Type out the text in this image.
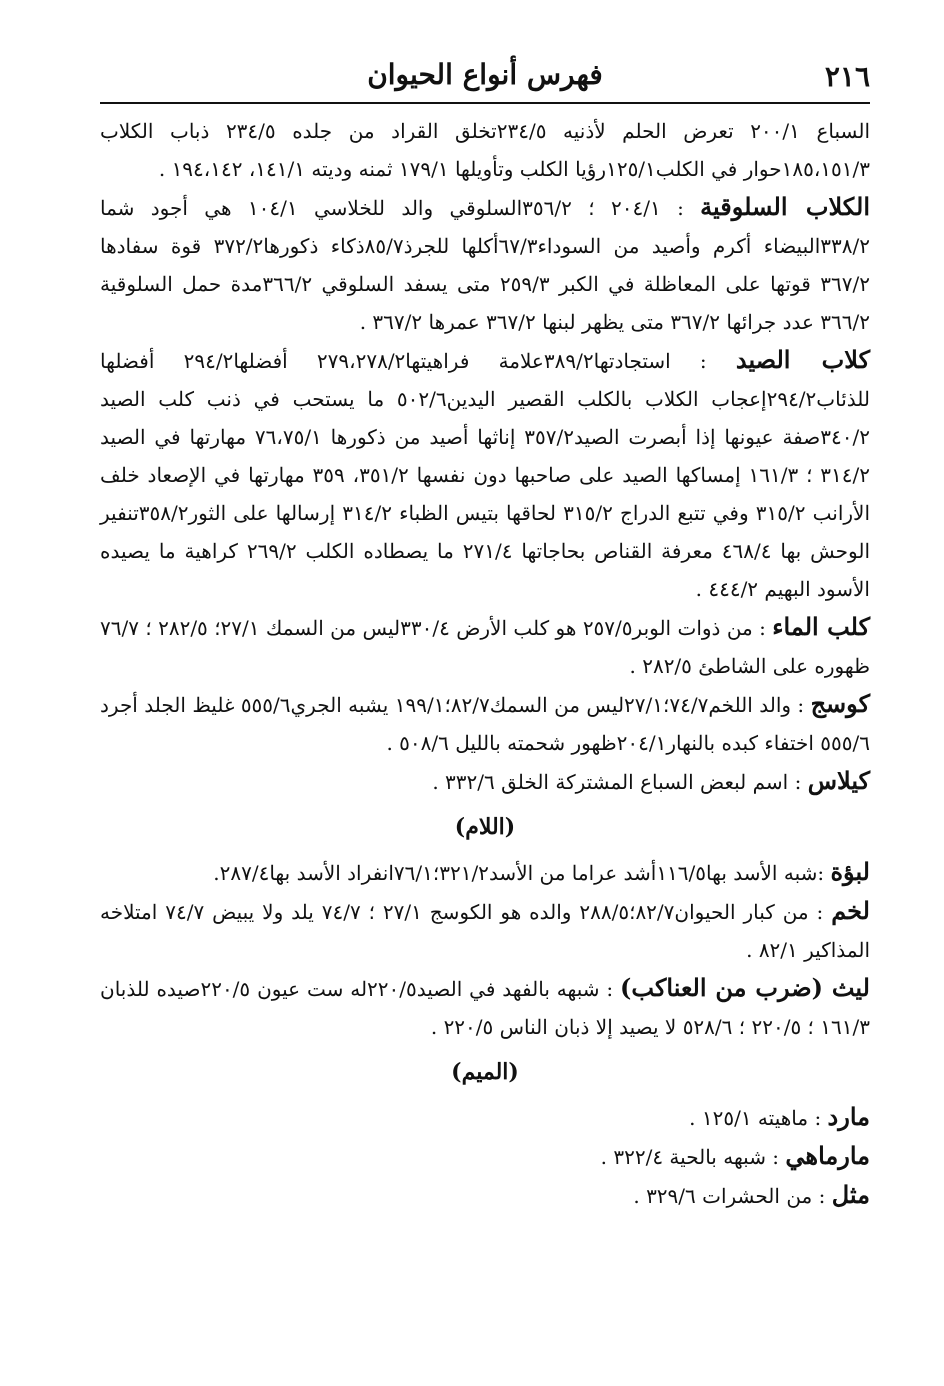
٢١٦
فهرس أنواع الحيوان

السباع ٢٠٠/١ تعرض الحلم لأذنيه ٢٣٤/٥تخلق القراد من جلده ٢٣٤/٥ ذباب الكلاب ١٨٥،١٥١/٣حوار في الكلب١٢٥/١رؤيا الكلب وتأويلها ١٧٩/١ ثمنه وديته ١٤١/١، ١٩٤،١٤٢ .

الكلاب السلوقية : ٢٠٤/١ ؛ ٣٥٦/٢السلوقي والد للخلاسي ١٠٤/١ هي أجود شما ٣٣٨/٢البيضاء أكرم وأصيد من السوداء٦٧/٣أكلها للجرذ٨٥/٧ذكاء ذكورها٣٧٢/٢ قوة سفادها ٣٦٧/٢ قوتها على المعاظلة في الكبر ٢٥٩/٣ متى يسفد السلوقي ٣٦٦/٢مدة حمل السلوقية ٣٦٦/٢ عدد جرائها ٣٦٧/٢ متى يظهر لبنها ٣٦٧/٢ عمرها ٣٦٧/٢ .

كلاب الصيد : استجادتها٣٨٩/٢علامة فراهيتها٢٧٩،٢٧٨/٢ أفضلها٢٩٤/٢ أفضلها للذئاب٢٩٤/٢إعجاب الكلاب بالكلب القصير اليدين٥٠٢/٦ ما يستحب في ذنب كلب الصيد ٣٤٠/٢صفة عيونها إذا أبصرت الصيد٣٥٧/٢ إناثها أصيد من ذكورها ٧٦،٧٥/١ مهارتها في الصيد ٣١٤/٢ ؛ ١٦١/٣ إمساكها الصيد على صاحبها دون نفسها ٣٥١/٢، ٣٥٩ مهارتها في الإصعاد خلف الأرانب ٣١٥/٢ وفي تتبع الدراج ٣١٥/٢ لحاقها بتيس الظباء ٣١٤/٢ إرسالها على الثور٣٥٨/٢تنفير الوحش بها ٤٦٨/٤ معرفة القناص بحاجاتها ٢٧١/٤ ما يصطاده الكلب ٢٦٩/٢ كراهية ما يصيده الأسود البهيم ٤٤٤/٢ .

كلب الماء : من ذوات الوبر٢٥٧/٥ هو كلب الأرض ٣٣٠/٤ليس من السمك ٢٧/١؛ ٢٨٢/٥ ؛ ٧٦/٧ ظهوره على الشاطئ ٢٨٢/٥ .

كوسج : والد اللخم٧٤/٧؛٢٧/١ليس من السمك٨٢/٧؛١٩٩/١ يشبه الجري٥٥٥/٦ غليظ الجلد أجرد ٥٥٥/٦ اختفاء كبده بالنهار٢٠٤/١ظهور شحمته بالليل ٥٠٨/٦ .

كيلاس : اسم لبعض السباع المشتركة الخلق ٣٣٢/٦ .

(اللام)

لبؤة :شبه الأسد بها١١٦/٥أشد عراما من الأسد٣٢١/٢؛٧٦/١انفراد الأسد بها٢٨٧/٤.

لخم : من كبار الحيوان٨٢/٧؛٢٨٨/٥ والده هو الكوسج ٢٧/١ ؛ ٧٤/٧ يلد ولا يبيض ٧٤/٧ امتلاخه المذاكير ٨٢/١ .

ليث (ضرب من العناكب) : شبهه بالفهد في الصيد٢٢٠/٥له ست عيون ٢٢٠/٥صيده للذبان ١٦١/٣ ؛ ٢٢٠/٥ ؛ ٥٢٨/٦ لا يصيد إلا ذبان الناس ٢٢٠/٥ .

(الميم)

مارد : ماهيته ١٢٥/١ .

مارماهي : شبهه بالحية ٣٢٢/٤ .

مثل : من الحشرات ٣٢٩/٦ .
